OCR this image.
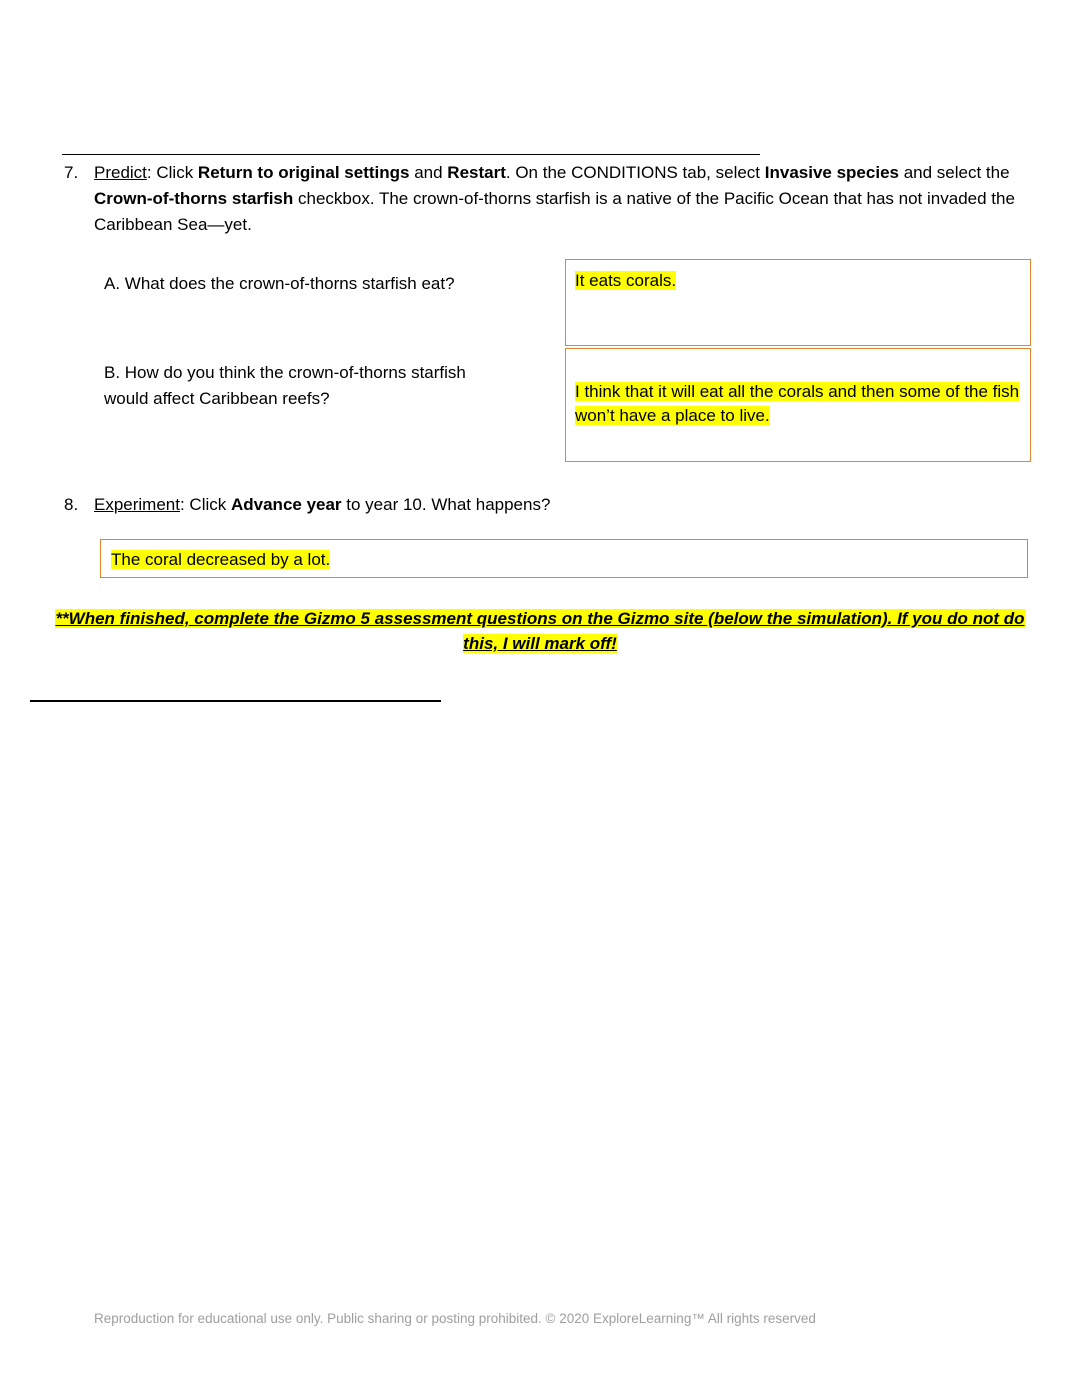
7. Predict: Click Return to original settings and Restart. On the CONDITIONS tab, select Invasive species and select the Crown-of-thorns starfish checkbox. The crown-of-thorns starfish is a native of the Pacific Ocean that has not invaded the Caribbean Sea—yet.
A. What does the crown-of-thorns starfish eat?	It eats corals.
B. How do you think the crown-of-thorns starfish would affect Caribbean reefs?	I think that it will eat all the corals and then some of the fish won’t have a place to live.
8. Experiment: Click Advance year to year 10. What happens?
The coral decreased by a lot.
**When finished, complete the Gizmo 5 assessment questions on the Gizmo site (below the simulation). If you do not do this, I will mark off!
Reproduction for educational use only. Public sharing or posting prohibited. © 2020 ExploreLearning™ All rights reserved
